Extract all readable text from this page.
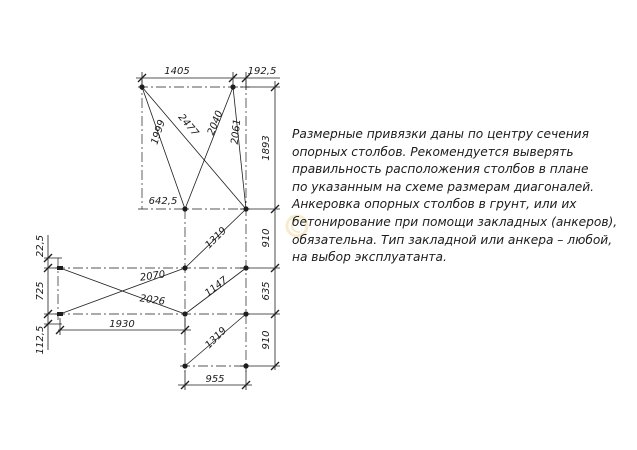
1405	192,5
1999 2477 2040 2061
1893
642,5
1319	910
22,5
2070
725	2026
1147	635
1930
112,5	1319	910
955
Размерные привязки даны по центру сечения
опорных столбов. Рекомендуется выверять
правильность расположения столбов в плане
по указанным на схеме размерам диагоналей.
Анкеровка опорных столбов в грунт, или их
бетонирование при помощи закладных (анкеров),
обязательна. Тип закладной или анкера – любой,
на выбор эксплуатанта.
